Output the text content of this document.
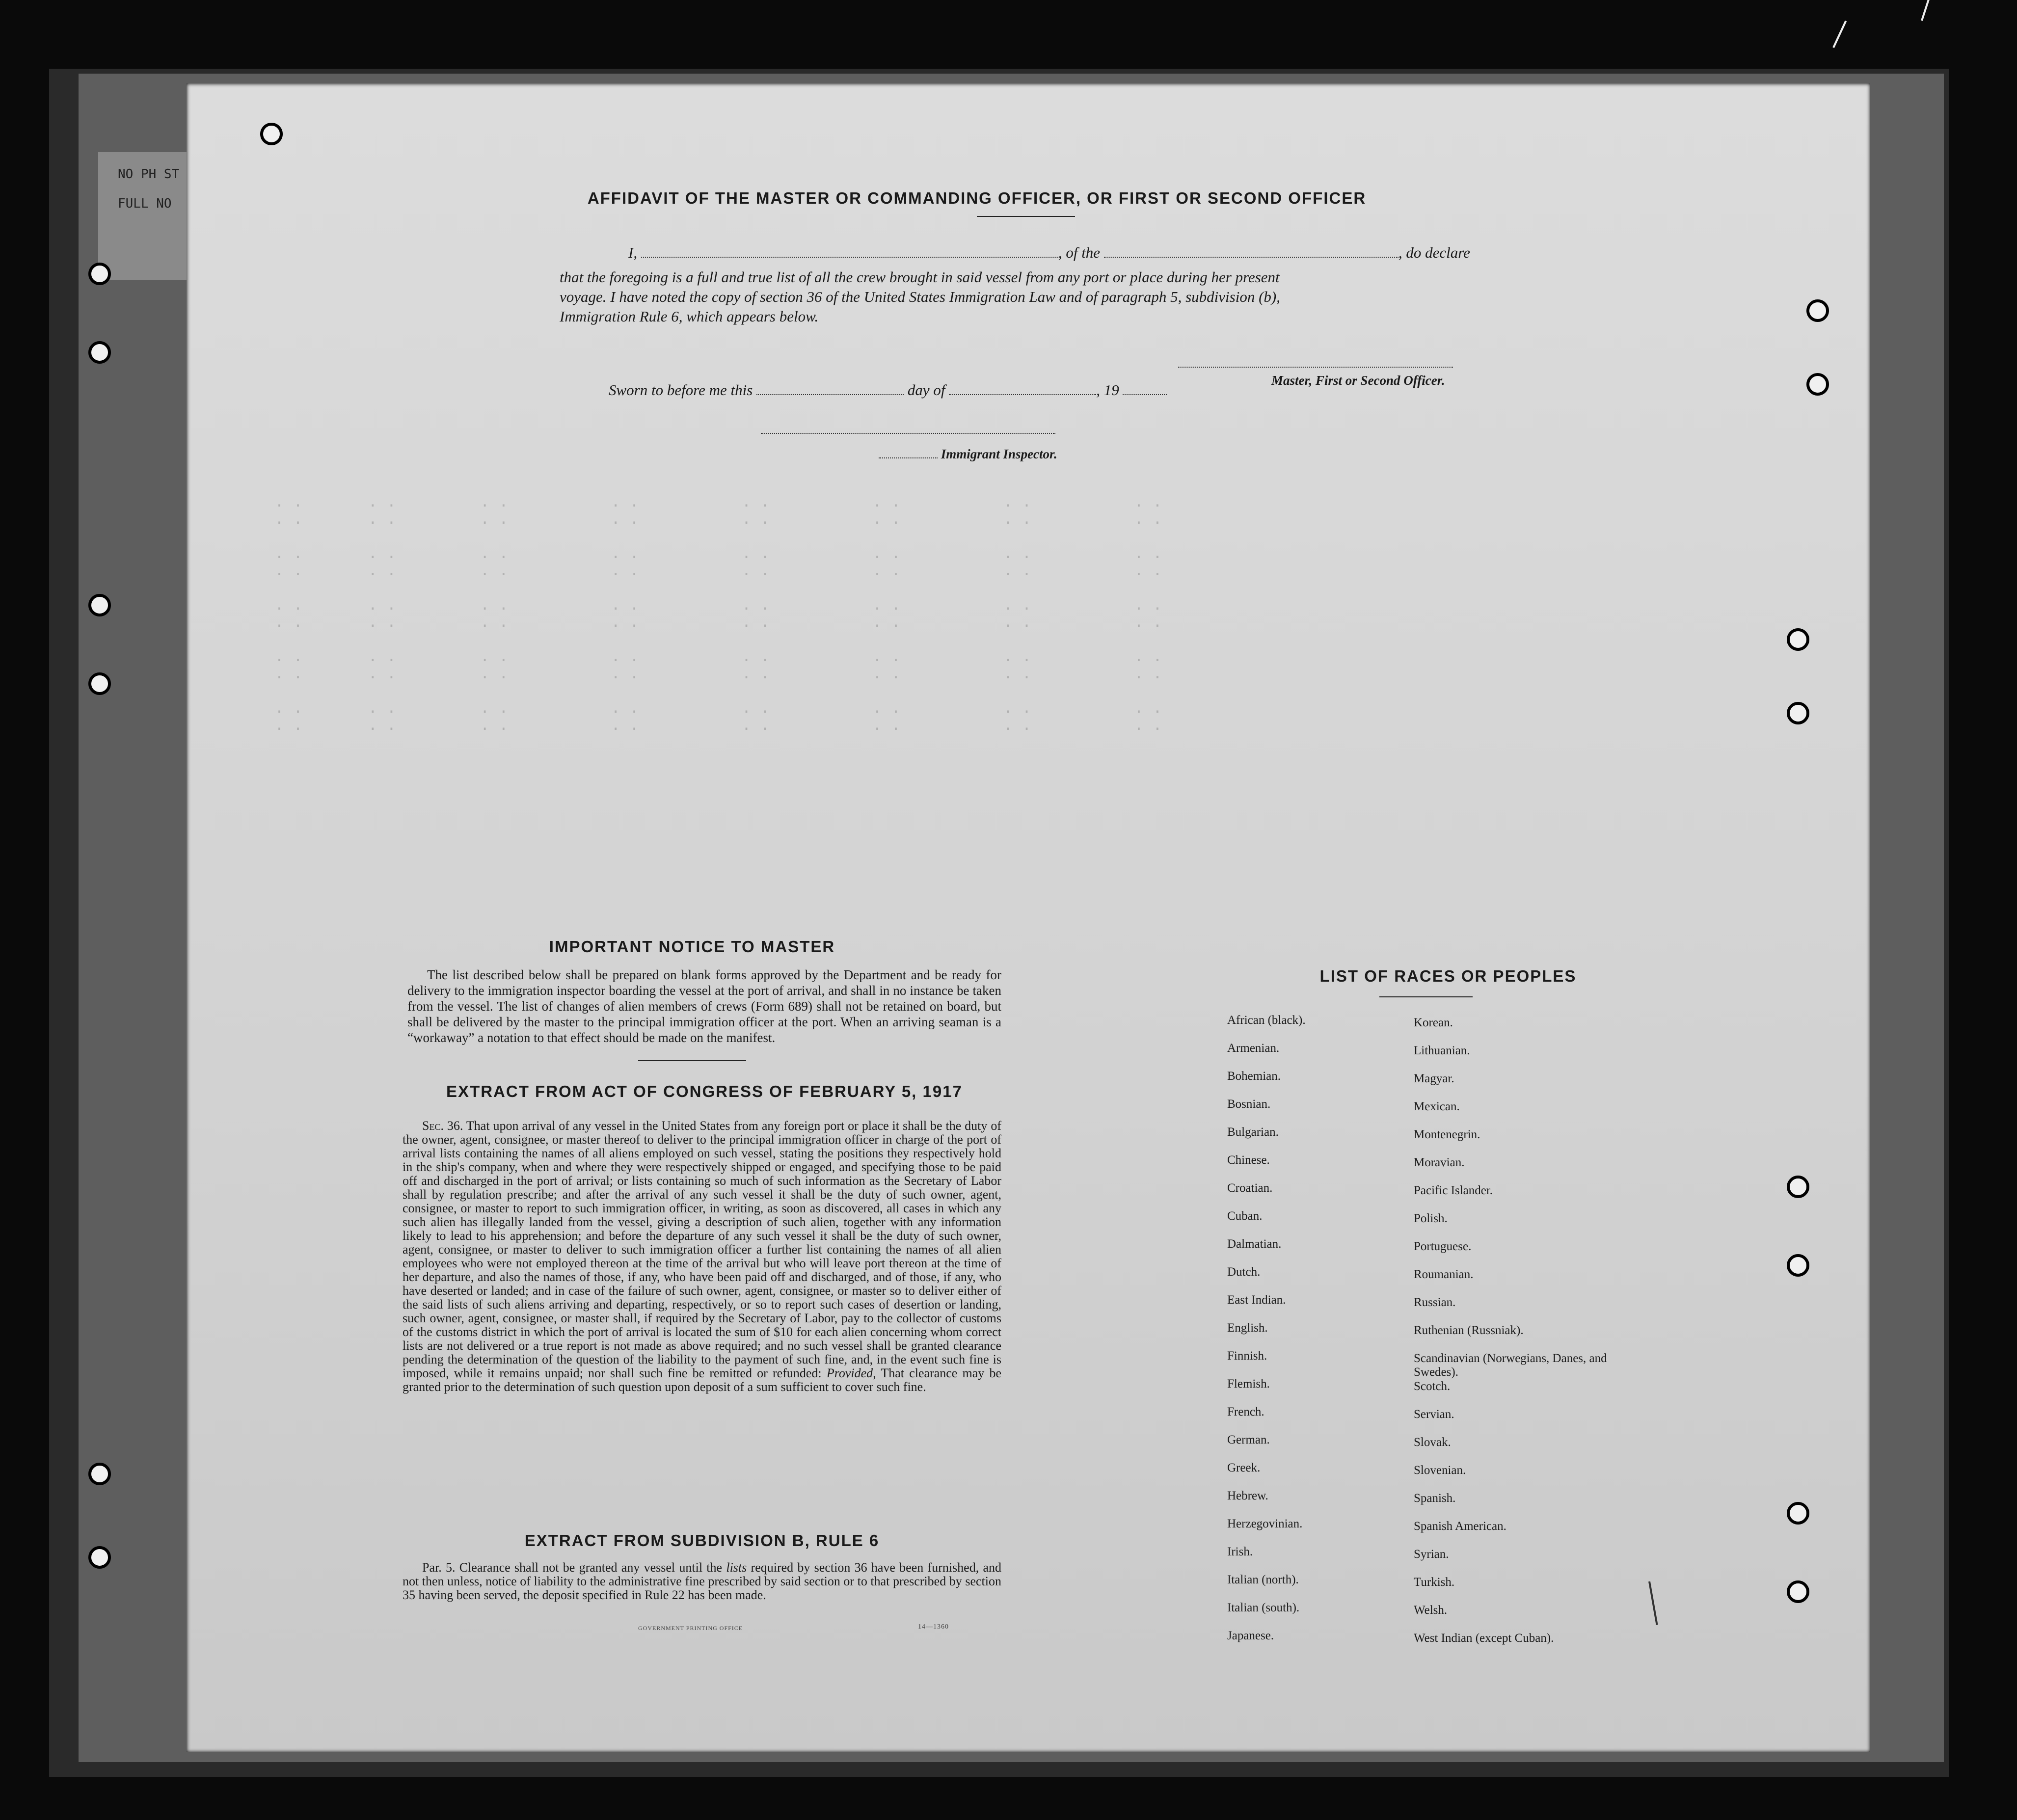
NO PH ST
FULL NO

..   ..    ..     ..     ..     ..     ..     ..
..   ..    ..     ..     ..     ..     ..     ..

..   ..    ..     ..     ..     ..     ..     ..
..   ..    ..     ..     ..     ..     ..     ..

..   ..    ..     ..     ..     ..     ..     ..
..   ..    ..     ..     ..     ..     ..     ..

..   ..    ..     ..     ..     ..     ..     ..
..   ..    ..     ..     ..     ..     ..     ..

..   ..    ..     ..     ..     ..     ..     ..
..   ..    ..     ..     ..     ..     ..     ..
AFFIDAVIT OF THE MASTER OR COMMANDING OFFICER, OR FIRST OR SECOND OFFICER
I,	, of the	, do declare
that the foregoing is a full and true list of all the crew brought in said vessel from any port or place during her present
voyage. I have noted the copy of section 36 of the United States Immigration Law and of paragraph 5, subdivision (b),
Immigration Rule 6, which appears below.
Master, First or Second Officer.
Sworn to before me this	day of	, 19
Immigrant Inspector.
IMPORTANT NOTICE TO MASTER
The list described below shall be prepared on blank forms approved by the Department and be ready for delivery to the immigration inspector boarding the vessel at the port of arrival, and shall in no instance be taken from the vessel. The list of changes of alien members of crews (Form 689) shall not be retained on board, but shall be delivered by the master to the principal immigration officer at the port. When an arriving seaman is a “workaway” a notation to that effect should be made on the manifest.
EXTRACT FROM ACT OF CONGRESS OF FEBRUARY 5, 1917
Sec. 36. That upon arrival of any vessel in the United States from any foreign port or place it shall be the duty of the owner, agent, consignee, or master thereof to deliver to the principal immigration officer in charge of the port of arrival lists containing the names of all aliens employed on such vessel, stating the positions they respectively hold in the ship's company, when and where they were respectively shipped or engaged, and specifying those to be paid off and discharged in the port of arrival; or lists containing so much of such information as the Secretary of Labor shall by regulation prescribe; and after the arrival of any such vessel it shall be the duty of such owner, agent, consignee, or master to report to such immigration officer, in writing, as soon as discovered, all cases in which any such alien has illegally landed from the vessel, giving a description of such alien, together with any information likely to lead to his apprehension; and before the departure of any such vessel it shall be the duty of such owner, agent, consignee, or master to deliver to such immigration officer a further list containing the names of all alien employees who were not employed thereon at the time of the arrival but who will leave port thereon at the time of her departure, and also the names of those, if any, who have been paid off and discharged, and of those, if any, who have deserted or landed; and in case of the failure of such owner, agent, consignee, or master so to deliver either of the said lists of such aliens arriving and departing, respectively, or so to report such cases of desertion or landing, such owner, agent, consignee, or master shall, if required by the Secretary of Labor, pay to the collector of customs of the customs district in which the port of arrival is located the sum of $10 for each alien concerning whom correct lists are not delivered or a true report is not made as above required; and no such vessel shall be granted clearance pending the determination of the question of the liability to the payment of such fine, and, in the event such fine is imposed, while it remains unpaid; nor shall such fine be remitted or refunded: Provided, That clearance may be granted prior to the determination of such question upon deposit of a sum sufficient to cover such fine.
EXTRACT FROM SUBDIVISION B, RULE 6
Par. 5. Clearance shall not be granted any vessel until the lists required by section 36 have been furnished, and not then unless, notice of liability to the administrative fine prescribed by said section or to that prescribed by section 35 having been served, the deposit specified in Rule 22 has been made.
GOVERNMENT PRINTING OFFICE	14—1360
LIST OF RACES OR PEOPLES
African (black).
Armenian.
Bohemian.
Bosnian.
Bulgarian.
Chinese.
Croatian.
Cuban.
Dalmatian.
Dutch.
East Indian.
English.
Finnish.
Flemish.
French.
German.
Greek.
Hebrew.
Herzegovinian.
Irish.
Italian (north).
Italian (south).
Japanese.
Korean.
Lithuanian.
Magyar.
Mexican.
Montenegrin.
Moravian.
Pacific Islander.
Polish.
Portuguese.
Roumanian.
Russian.
Ruthenian (Russniak).
Scandinavian (Norwegians, Danes, and Swedes).
Scotch.
Servian.
Slovak.
Slovenian.
Spanish.
Spanish American.
Syrian.
Turkish.
Welsh.
West Indian (except Cuban).
